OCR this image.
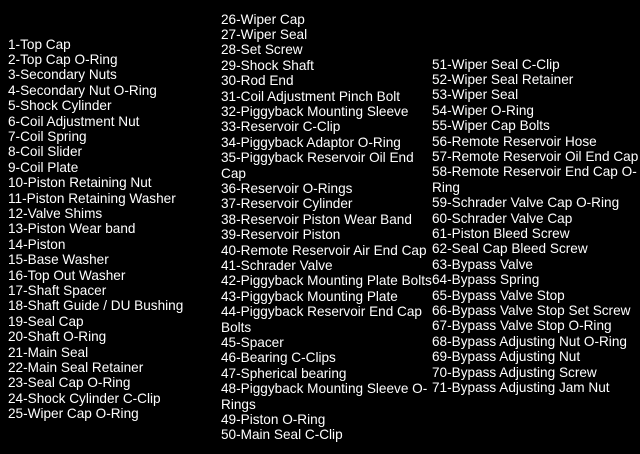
1-Top Cap
2-Top Cap O-Ring
3-Secondary Nuts
4-Secondary Nut O-Ring
5-Shock Cylinder
6-Coil Adjustment Nut
7-Coil Spring
8-Coil Slider
9-Coil Plate
10-Piston Retaining Nut
11-Piston Retaining Washer
12-Valve Shims
13-Piston Wear band
14-Piston
15-Base Washer
16-Top Out Washer
17-Shaft Spacer
18-Shaft Guide / DU Bushing
19-Seal Cap
20-Shaft O-Ring
21-Main Seal
22-Main Seal Retainer
23-Seal Cap O-Ring
24-Shock Cylinder C-Clip
25-Wiper Cap O-Ring
26-Wiper Cap
27-Wiper Seal
28-Set Screw
29-Shock Shaft
30-Rod End
31-Coil Adjustment Pinch Bolt
32-Piggyback Mounting Sleeve
33-Reservoir C-Clip
34-Piggyback Adaptor O-Ring
35-Piggyback Reservoir Oil End Cap
36-Reservoir O-Rings
37-Reservoir Cylinder
38-Reservoir Piston Wear Band
39-Reservoir Piston
40-Remote Reservoir Air End Cap
41-Schrader Valve
42-Piggyback Mounting Plate Bolts
43-Piggyback Mounting Plate
44-Piggyback Reservoir End Cap Bolts
45-Spacer
46-Bearing C-Clips
47-Spherical bearing
48-Piggyback Mounting Sleeve O-Rings
49-Piston O-Ring
50-Main Seal C-Clip
51-Wiper Seal C-Clip
52-Wiper Seal Retainer
53-Wiper Seal
54-Wiper O-Ring
55-Wiper Cap Bolts
56-Remote Reservoir Hose
57-Remote Reservoir Oil End Cap
58-Remote Reservoir End Cap O-Ring
59-Schrader Valve Cap O-Ring
60-Schrader Valve Cap
61-Piston Bleed Screw
62-Seal Cap Bleed Screw
63-Bypass Valve
64-Bypass Spring
65-Bypass Valve Stop
66-Bypass Valve Stop Set Screw
67-Bypass Valve Stop O-Ring
68-Bypass Adjusting Nut O-Ring
69-Bypass Adjusting Nut
70-Bypass Adjusting Screw
71-Bypass Adjusting Jam Nut
